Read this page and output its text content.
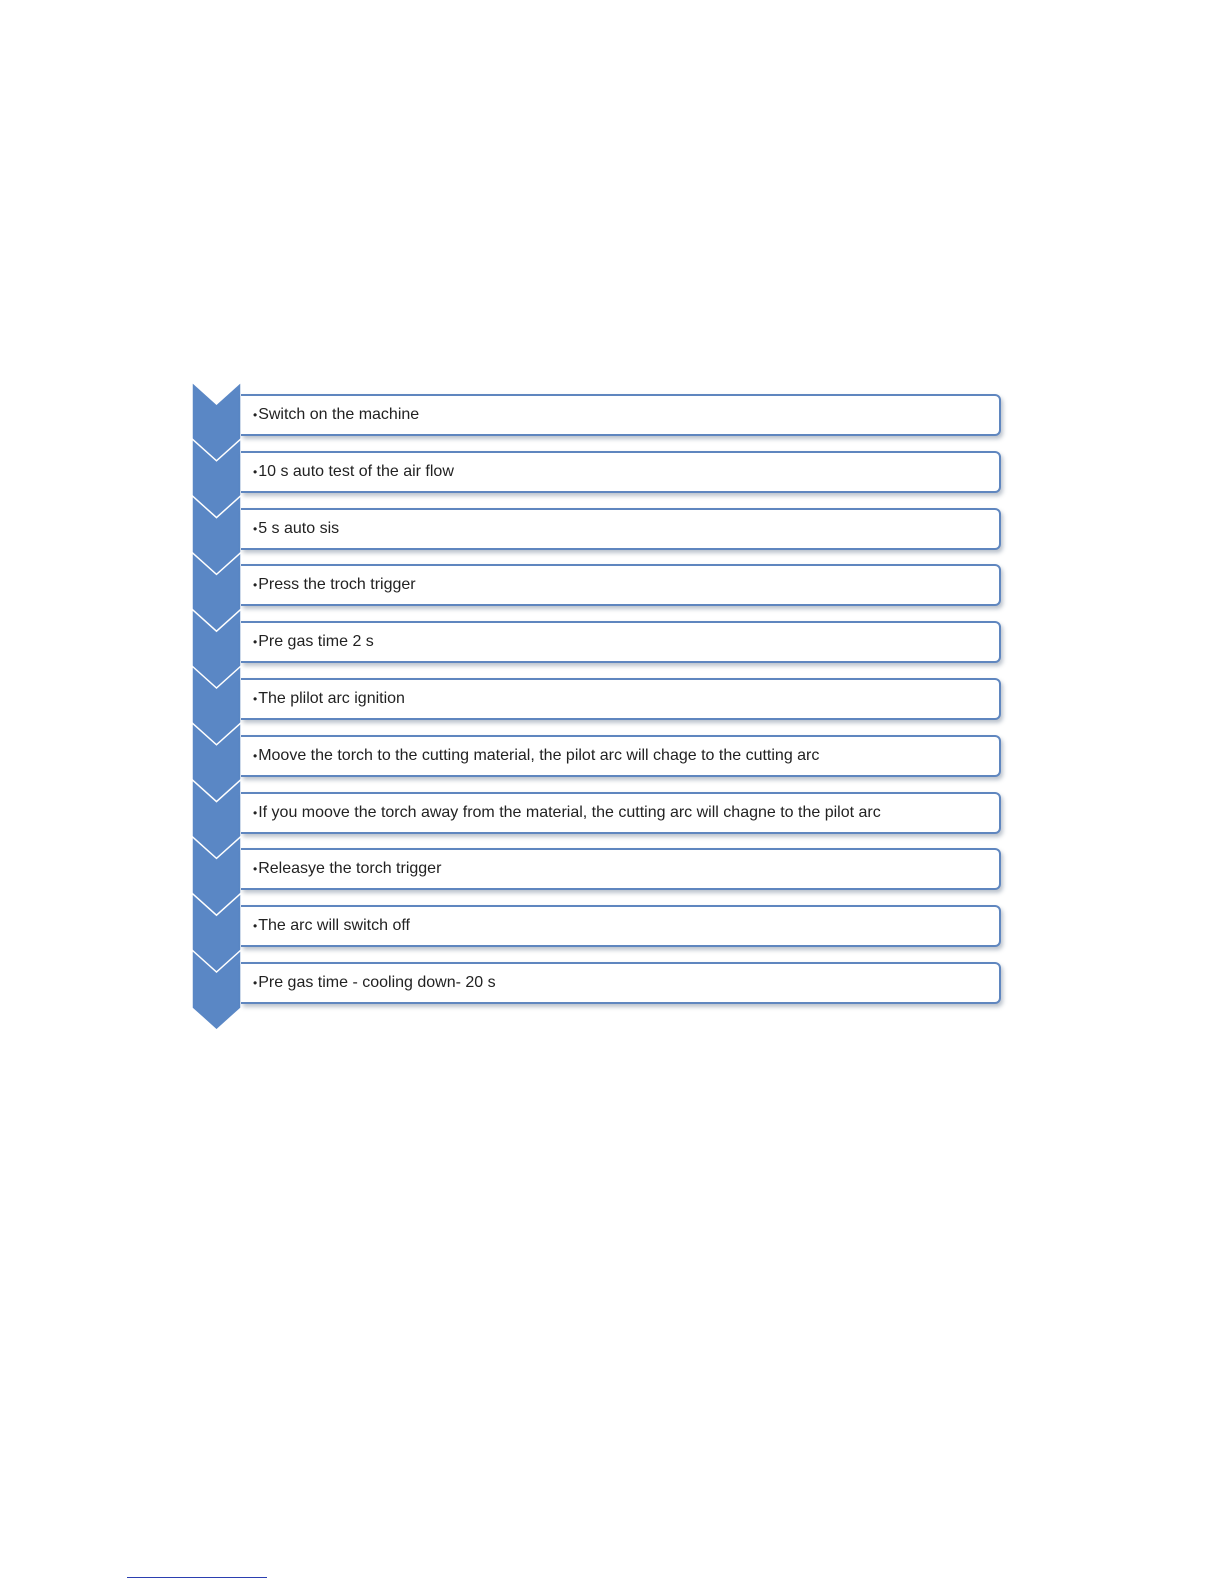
• Switch on the machine
• 10 s auto test of the air flow
• 5 s auto sis
• Press the troch trigger
• Pre gas time 2 s
• The plilot arc ignition
• Moove the torch to the cutting material, the pilot arc will chage to the cutting arc
• If you moove the torch away from the material, the cutting arc will chagne to the pilot arc
• Releasye the torch trigger
• The arc will switch off
• Pre gas time - cooling down- 20 s
